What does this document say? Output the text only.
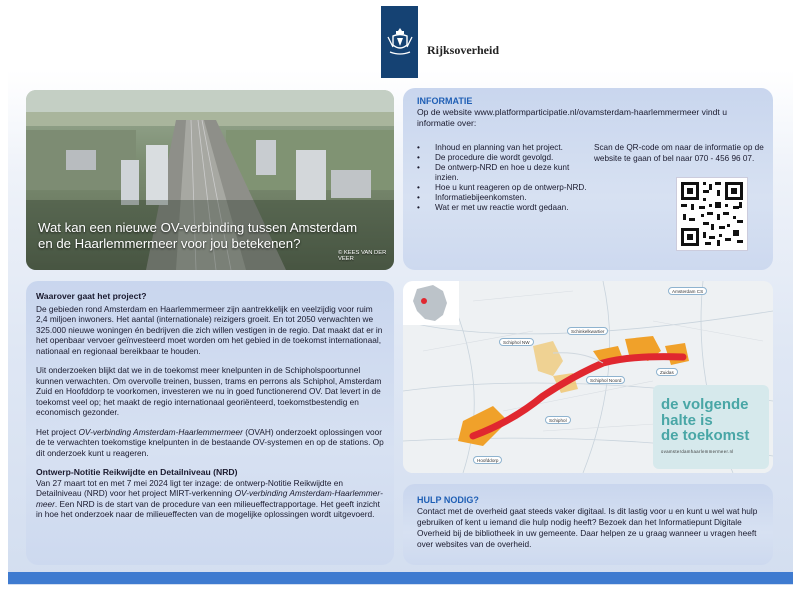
Rijksoverheid
Wat kan een nieuwe OV-verbinding tussen Amsterdam en de Haarlemmermeer voor jou betekenen?
© KEES VAN DER VEER
INFORMATIE
Op de website www.platformparticipatie.nl/ovamsterdam-haarlemmermeer vindt u informatie over:
•	Inhoud en planning van het project.
•	De procedure die wordt gevolgd.
•	De ontwerp-NRD en hoe u deze kunt inzien.
•	Hoe u kunt reageren op de ontwerp-NRD.
•	Informatiebijeenkomsten.
•	Wat er met uw reactie wordt gedaan.
Scan de QR-code om naar de informatie op de website te gaan of bel naar 070 - 456 96 07.
Waarover gaat het project?

De gebieden rond Amsterdam en Haarlemmermeer zijn aantrekkelijk en veelzijdig voor ruim 2,4 miljoen inwoners. Het aantal (internationale) reizigers groeit. En tot 2050 verwachten we 325.000 nieuwe woningen én bedrijven die zich willen vestigen in de regio. Dat maakt dat er in het openbaar vervoer geïnvesteerd moet worden om het gebied in de toekomst internationaal, nationaal en regionaal bereikbaar te houden.

Uit onderzoeken blijkt dat we in de toekomst meer knelpunten in de Schipholspoortunnel kunnen verwachten. Om overvolle treinen, bussen, trams en perrons als Schiphol, Amsterdam Zuid en Hoofddorp te voorkomen, investeren we nu in goed functionerend OV. Dat levert in de toekomst veel op; het maakt de regio internationaal georiënteerd, toekomstbestendig en economisch gezonder.

Het project OV-verbinding Amsterdam-Haarlemmermeer (OVAH) onderzoekt oplossingen voor de te verwachten toekomstige knelpunten in de bestaande OV-systemen en op de stations. Op dit onderzoek kunt u reageren.

Ontwerp-Notitie Reikwijdte en Detailniveau (NRD)

Van 27 maart tot en met 7 mei 2024 ligt ter inzage: de ontwerp-Notitie Reikwijdte en Detailniveau (NRD) voor het project MIRT-verkenning OV-verbinding Amsterdam-Haarlemmermeer. Een NRD is de start van de procedure van een milieueffectrapportage. Het geeft inzicht in hoe het onderzoek naar de milieueffecten van de mogelijke oplossingen wordt uitgevoerd.

Amsterdam CS
Schiphol NW
Schinkelkwartier
Schiphol Noord
Zuidas
Schiphol
Hoofddorp
de volgende
halte is
de toekomst
ovamsterdamhaarlemmermeer.nl
HULP NODIG?
Contact met de overheid gaat steeds vaker digitaal. Is dit lastig voor u en kunt u wel wat hulp gebruiken of kent u iemand die hulp nodig heeft? Bezoek dan het Informatiepunt Digitale Overheid bij de bibliotheek in uw gemeente. Daar helpen ze u graag wanneer u vragen heeft over websites van de overheid.
